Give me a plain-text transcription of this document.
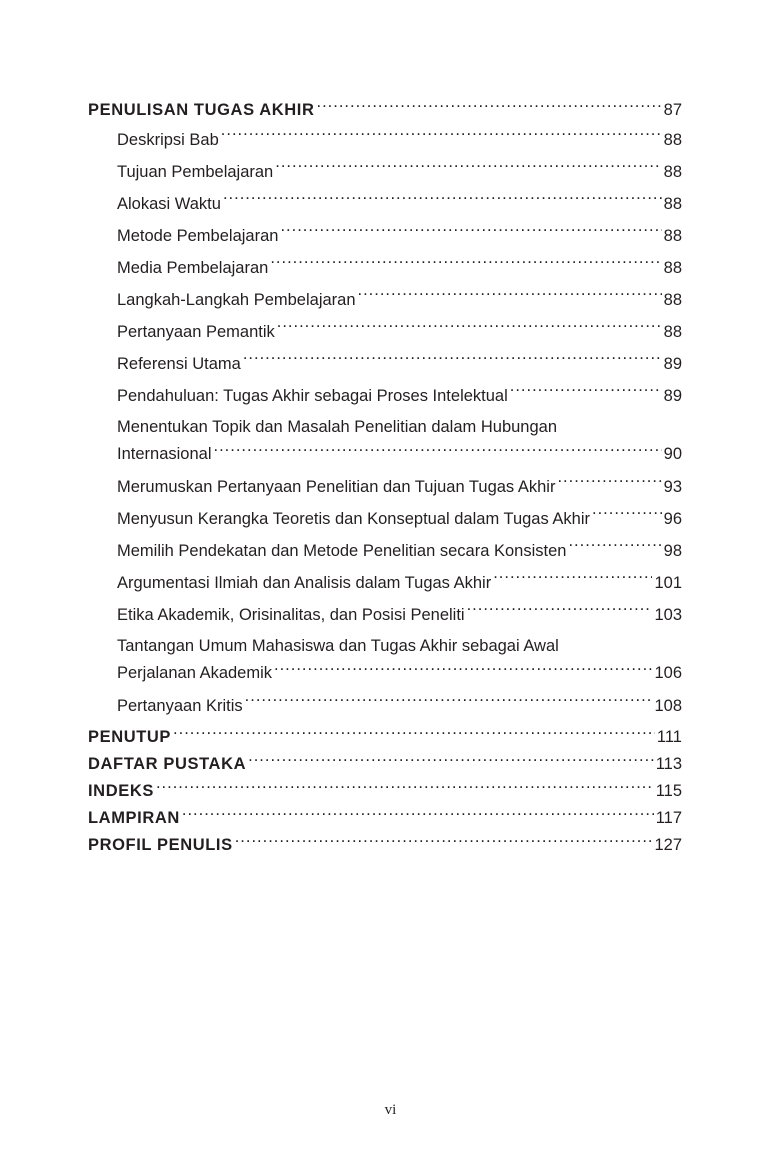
PENULISAN TUGAS AKHIR .....	87
Deskripsi Bab .....	88
Tujuan Pembelajaran .....	88
Alokasi Waktu .....	88
Metode Pembelajaran .....	88
Media Pembelajaran .....	88
Langkah-Langkah Pembelajaran .....	88
Pertanyaan Pemantik .....	88
Referensi Utama .....	89
Pendahuluan: Tugas Akhir sebagai Proses Intelektual .....	89
Menentukan Topik dan Masalah Penelitian dalam Hubungan
Internasional .....	90
Merumuskan Pertanyaan Penelitian dan Tujuan Tugas Akhir .....	93
Menyusun Kerangka Teoretis dan Konseptual dalam Tugas Akhir .....	96
Memilih Pendekatan dan Metode Penelitian secara Konsisten .....	98
Argumentasi Ilmiah dan Analisis dalam Tugas Akhir .....	101
Etika Akademik, Orisinalitas, dan Posisi Peneliti .....	103
Tantangan Umum Mahasiswa dan Tugas Akhir sebagai Awal
Perjalanan Akademik .....	106
Pertanyaan Kritis .....	108
PENUTUP .....	111
DAFTAR PUSTAKA .....	113
INDEKS .....	115
LAMPIRAN .....	117
PROFIL PENULIS .....	127
vi
